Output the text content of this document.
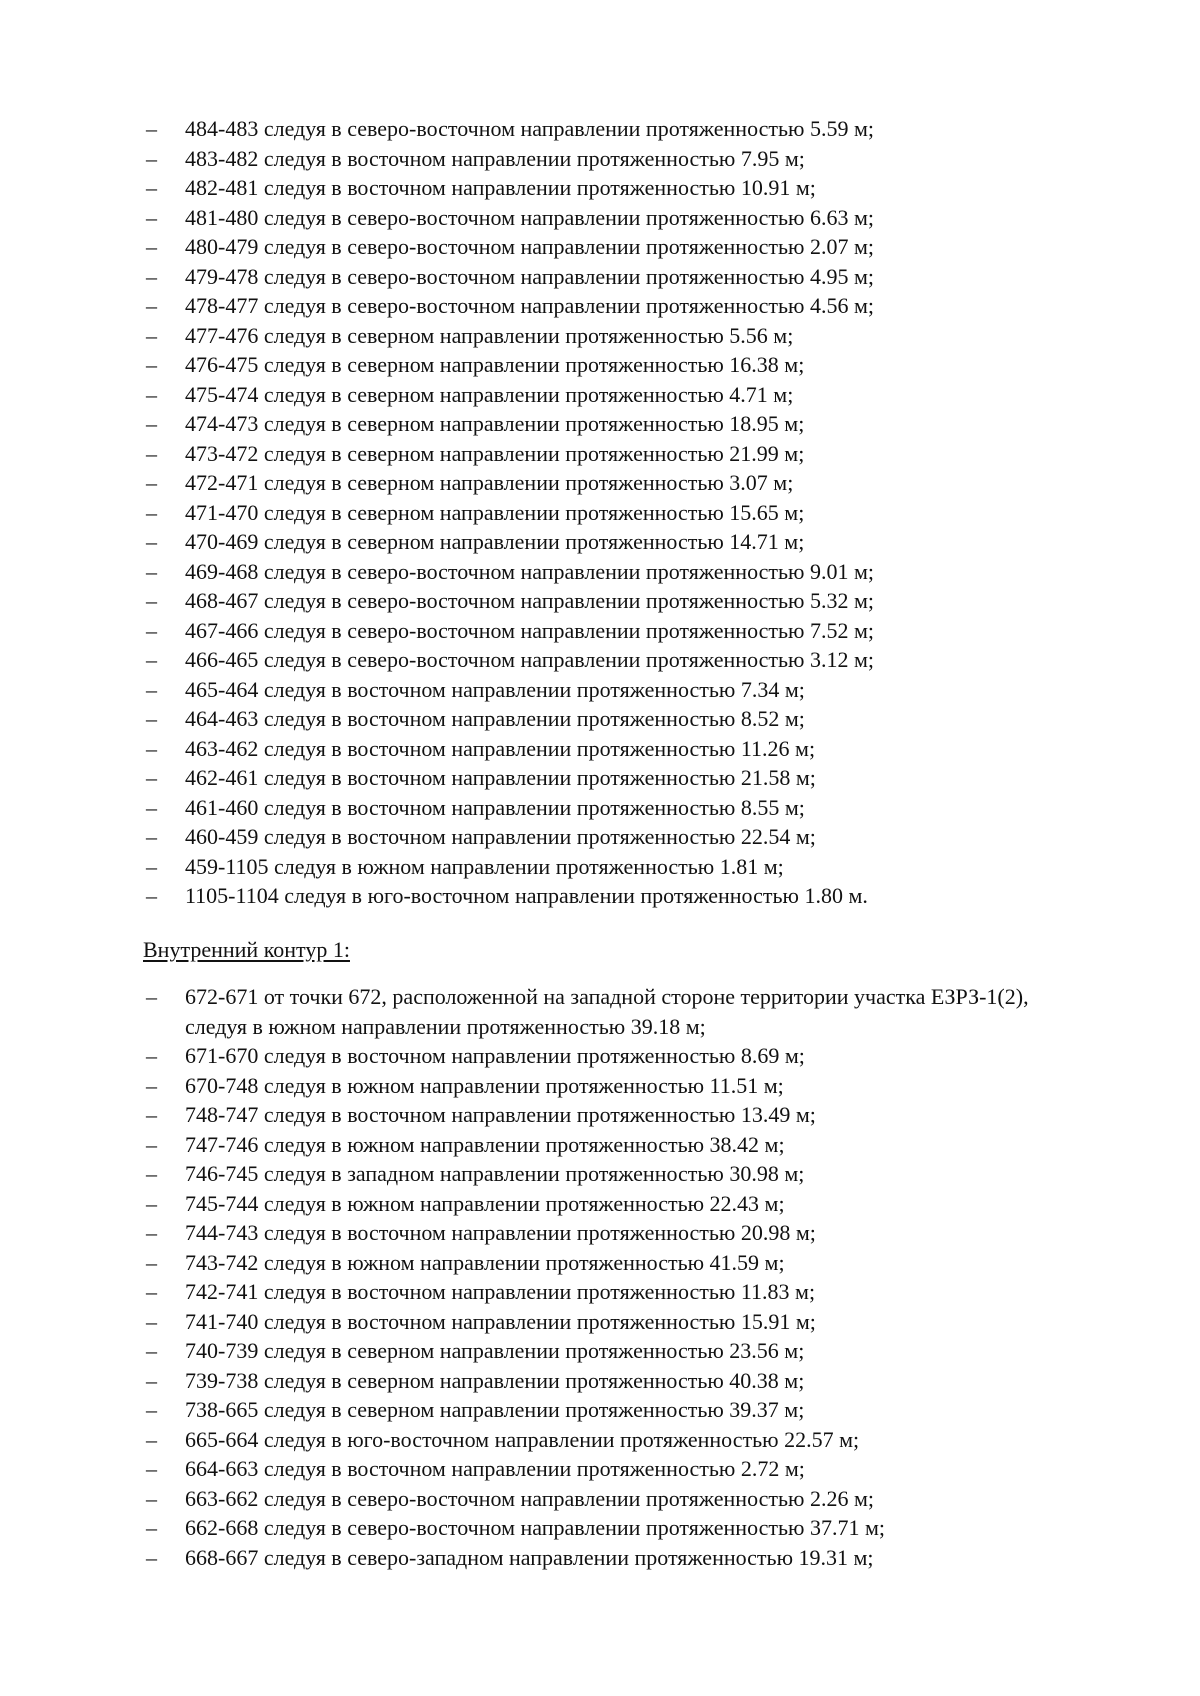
– 484-483 следуя в северо-восточном направлении протяженностью 5.59 м;
– 483-482 следуя в восточном направлении протяженностью 7.95 м;
– 482-481 следуя в восточном направлении протяженностью 10.91 м;
– 481-480 следуя в северо-восточном направлении протяженностью 6.63 м;
– 480-479 следуя в северо-восточном направлении протяженностью 2.07 м;
– 479-478 следуя в северо-восточном направлении протяженностью 4.95 м;
– 478-477 следуя в северо-восточном направлении протяженностью 4.56 м;
– 477-476 следуя в северном направлении протяженностью 5.56 м;
– 476-475 следуя в северном направлении протяженностью 16.38 м;
– 475-474 следуя в северном направлении протяженностью 4.71 м;
– 474-473 следуя в северном направлении протяженностью 18.95 м;
– 473-472 следуя в северном направлении протяженностью 21.99 м;
– 472-471 следуя в северном направлении протяженностью 3.07 м;
– 471-470 следуя в северном направлении протяженностью 15.65 м;
– 470-469 следуя в северном направлении протяженностью 14.71 м;
– 469-468 следуя в северо-восточном направлении протяженностью 9.01 м;
– 468-467 следуя в северо-восточном направлении протяженностью 5.32 м;
– 467-466 следуя в северо-восточном направлении протяженностью 7.52 м;
– 466-465 следуя в северо-восточном направлении протяженностью 3.12 м;
– 465-464 следуя в восточном направлении протяженностью 7.34 м;
– 464-463 следуя в восточном направлении протяженностью 8.52 м;
– 463-462 следуя в восточном направлении протяженностью 11.26 м;
– 462-461 следуя в восточном направлении протяженностью 21.58 м;
– 461-460 следуя в восточном направлении протяженностью 8.55 м;
– 460-459 следуя в восточном направлении протяженностью 22.54 м;
– 459-1105 следуя в южном направлении протяженностью 1.81 м;
– 1105-1104 следуя в юго-восточном направлении протяженностью 1.80 м.
Внутренний контур 1:
– 672-671 от точки 672, расположенной на западной стороне территории участка ЕЗРЗ-1(2),
следуя в южном направлении протяженностью 39.18 м;
– 671-670 следуя в восточном направлении протяженностью 8.69 м;
– 670-748 следуя в южном направлении протяженностью 11.51 м;
– 748-747 следуя в восточном направлении протяженностью 13.49 м;
– 747-746 следуя в южном направлении протяженностью 38.42 м;
– 746-745 следуя в западном направлении протяженностью 30.98 м;
– 745-744 следуя в южном направлении протяженностью 22.43 м;
– 744-743 следуя в восточном направлении протяженностью 20.98 м;
– 743-742 следуя в южном направлении протяженностью 41.59 м;
– 742-741 следуя в восточном направлении протяженностью 11.83 м;
– 741-740 следуя в восточном направлении протяженностью 15.91 м;
– 740-739 следуя в северном направлении протяженностью 23.56 м;
– 739-738 следуя в северном направлении протяженностью 40.38 м;
– 738-665 следуя в северном направлении протяженностью 39.37 м;
– 665-664 следуя в юго-восточном направлении протяженностью 22.57 м;
– 664-663 следуя в восточном направлении протяженностью 2.72 м;
– 663-662 следуя в северо-восточном направлении протяженностью 2.26 м;
– 662-668 следуя в северо-восточном направлении протяженностью 37.71 м;
– 668-667 следуя в северо-западном направлении протяженностью 19.31 м;
